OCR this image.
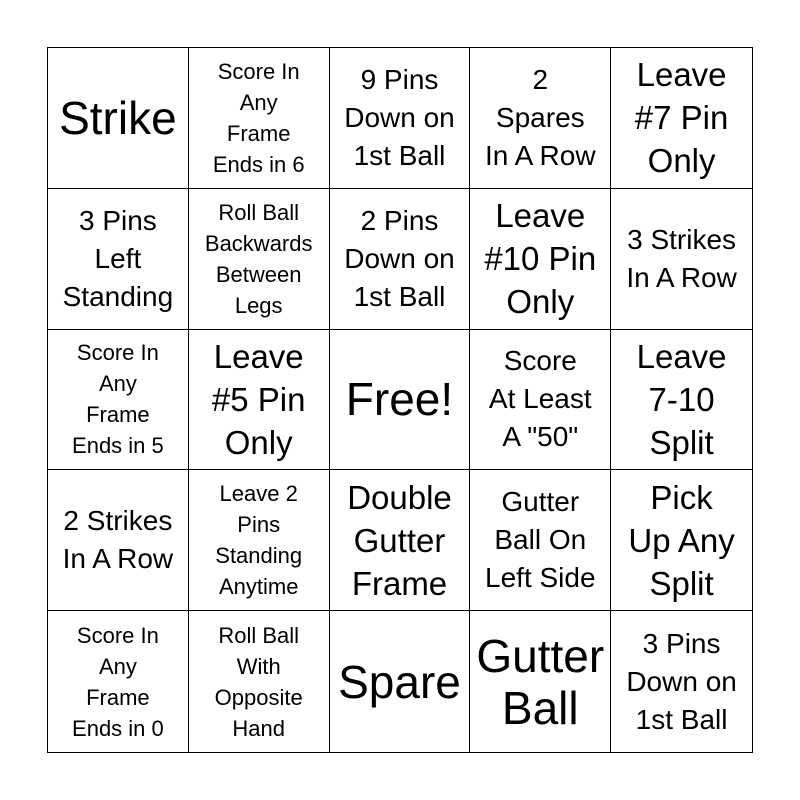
Strike
Score In
Any
Frame
Ends in 6
9 Pins
Down on
1st Ball
2
Spares
In A Row
Leave
#7 Pin
Only
3 Pins
Left
Standing
Roll Ball
Backwards
Between
Legs
2 Pins
Down on
1st Ball
Leave
#10 Pin
Only
3 Strikes
In A Row
Score In
Any
Frame
Ends in 5
Leave
#5 Pin
Only
Free!
Score
At Least
A "50"
Leave
7-10
Split
2 Strikes
In A Row
Leave 2
Pins
Standing
Anytime
Double
Gutter
Frame
Gutter
Ball On
Left Side
Pick
Up Any
Split
Score In
Any
Frame
Ends in 0
Roll Ball
With
Opposite
Hand
Spare Gutter
Ball
3 Pins
Down on
1st Ball
